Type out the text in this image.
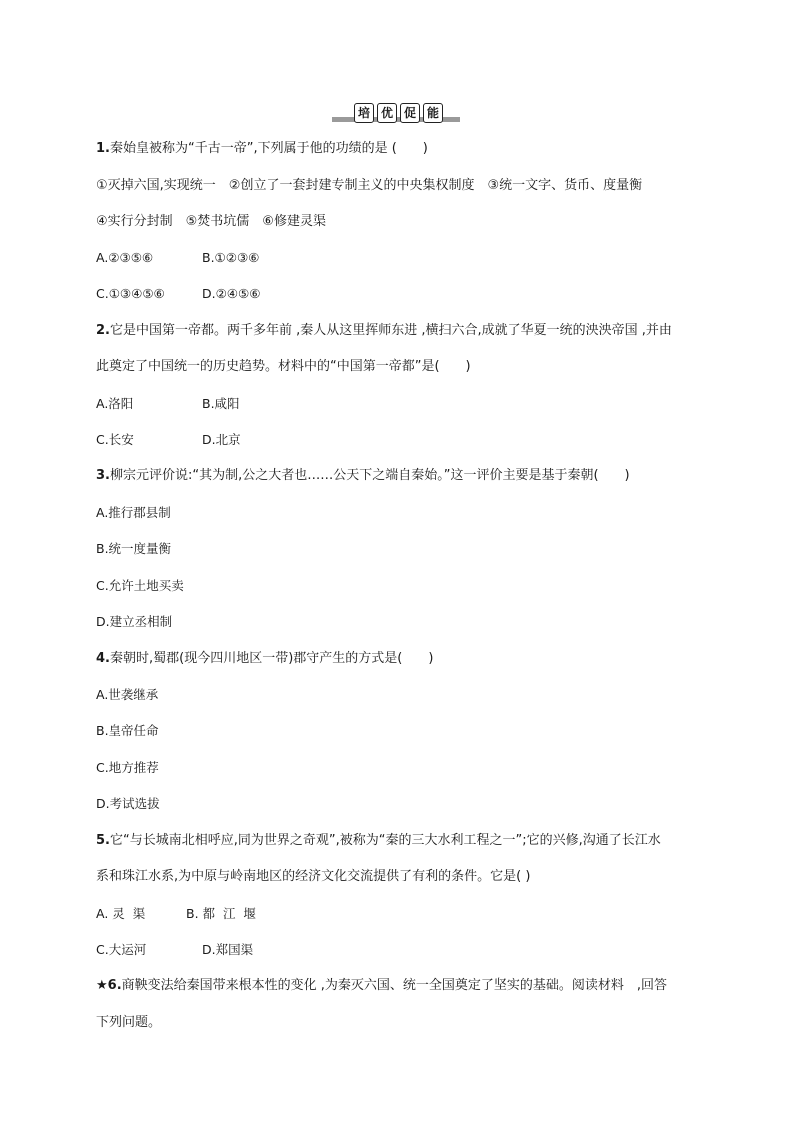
培 优 促 能
1.秦始皇被称为“千古一帝”,下列属于他的功绩的是 (　　)
①灭掉六国,实现统一　②创立了一套封建专制主义的中央集权制度　③统一文字、货币、度量衡
④实行分封制　⑤焚书坑儒　⑥修建灵渠
A.②③⑤⑥	B.①②③⑥
C.①③④⑤⑥	D.②④⑤⑥
2.它是中国第一帝都。两千多年前 ,秦人从这里挥师东进 ,横扫六合,成就了华夏一统的泱泱帝国 ,并由
此奠定了中国统一的历史趋势。材料中的“中国第一帝都”是(　　)
A.洛阳	B.咸阳
C.长安	D.北京
3.柳宗元评价说:“其为制,公之大者也……公天下之端自秦始。”这一评价主要是基于秦朝(　　)
A.推行郡县制
B.统一度量衡
C.允许土地买卖
D.建立丞相制
4.秦朝时,蜀郡(现今四川地区一带)郡守产生的方式是(　　)
A.世袭继承
B.皇帝任命
C.地方推荐
D.考试选拔
5.它“与长城南北相呼应,同为世界之奇观”,被称为“秦的三大水利工程之一”;它的兴修,沟通了长江水
系和珠江水系,为中原与岭南地区的经济文化交流提供了有利的条件。它是( )
A. 灵  渠	B. 都  江  堰
C.大运河	D.郑国渠
★6.商鞅变法给秦国带来根本性的变化 ,为秦灭六国、统一全国奠定了坚实的基础。阅读材料　,回答
下列问题。
